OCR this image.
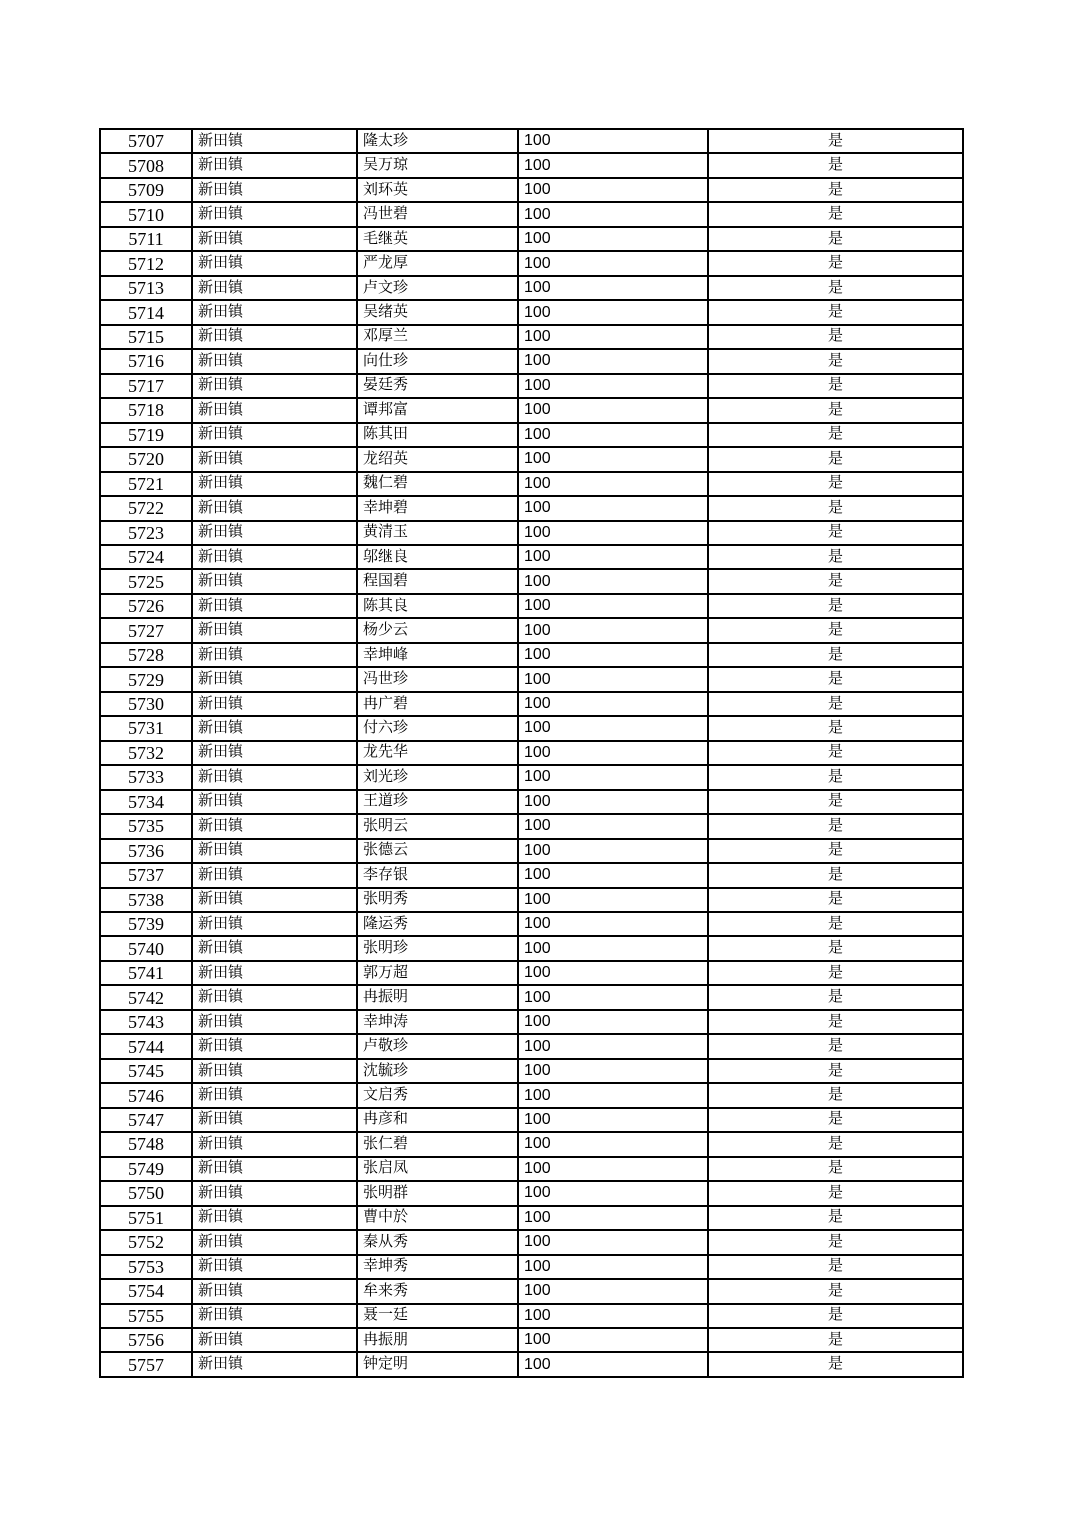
5707	新田镇	隆太珍	100	是
5708	新田镇	吴万琼	100	是
5709	新田镇	刘环英	100	是
5710	新田镇	冯世碧	100	是
5711	新田镇	毛继英	100	是
5712	新田镇	严龙厚	100	是
5713	新田镇	卢文珍	100	是
5714	新田镇	吴绪英	100	是
5715	新田镇	邓厚兰	100	是
5716	新田镇	向仕珍	100	是
5717	新田镇	晏廷秀	100	是
5718	新田镇	谭邦富	100	是
5719	新田镇	陈其田	100	是
5720	新田镇	龙绍英	100	是
5721	新田镇	魏仁碧	100	是
5722	新田镇	幸坤碧	100	是
5723	新田镇	黄清玉	100	是
5724	新田镇	邬继良	100	是
5725	新田镇	程国碧	100	是
5726	新田镇	陈其良	100	是
5727	新田镇	杨少云	100	是
5728	新田镇	幸坤峰	100	是
5729	新田镇	冯世珍	100	是
5730	新田镇	冉广碧	100	是
5731	新田镇	付六珍	100	是
5732	新田镇	龙先华	100	是
5733	新田镇	刘光珍	100	是
5734	新田镇	王道珍	100	是
5735	新田镇	张明云	100	是
5736	新田镇	张德云	100	是
5737	新田镇	李存银	100	是
5738	新田镇	张明秀	100	是
5739	新田镇	隆运秀	100	是
5740	新田镇	张明珍	100	是
5741	新田镇	郭万超	100	是
5742	新田镇	冉振明	100	是
5743	新田镇	幸坤涛	100	是
5744	新田镇	卢敬珍	100	是
5745	新田镇	沈毓珍	100	是
5746	新田镇	文启秀	100	是
5747	新田镇	冉彦和	100	是
5748	新田镇	张仁碧	100	是
5749	新田镇	张启凤	100	是
5750	新田镇	张明群	100	是
5751	新田镇	曹中於	100	是
5752	新田镇	秦从秀	100	是
5753	新田镇	幸坤秀	100	是
5754	新田镇	牟来秀	100	是
5755	新田镇	聂一廷	100	是
5756	新田镇	冉振朋	100	是
5757	新田镇	钟定明	100	是
